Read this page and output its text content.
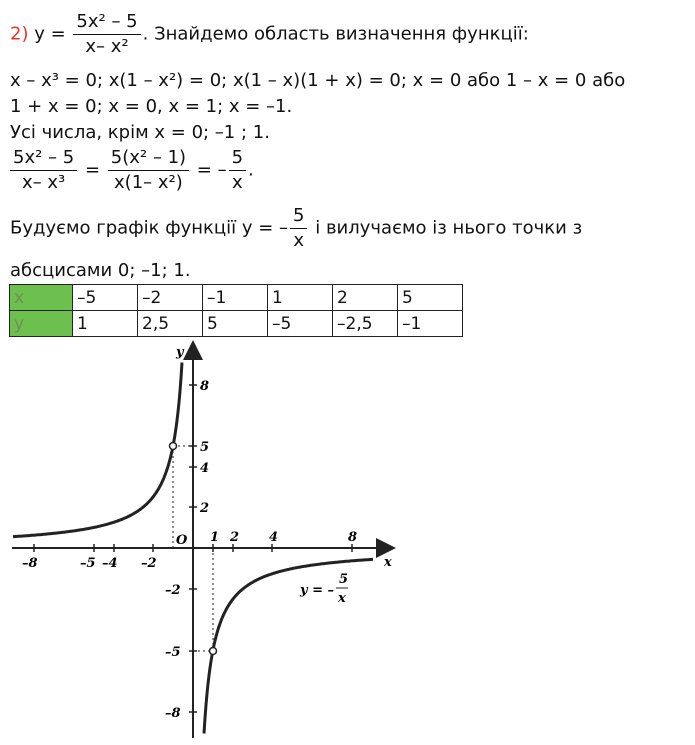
2) $y = \frac{\text{5x² – 5}}{\text{x– x²}}$ . Знайдемо область визначення функції:
x – x³ = 0; x(1 – x²) = 0; x(1 – x)(1 + x) = 0; x = 0 або 1 – x = 0 або
1 + x = 0; x = 0, x = 1; x = –1.
Усі числа, крім x = 0; –1 ; 1.
$\frac{\text{5x² – 5}}{\text{x– x³}} = \frac{\text{5(x² – 1)}}{\text{x(1– x²)}}$ = – $\frac{5}{x}$ .
Будуємо графік функції y = – $\frac{5}{x}$ і вилучаємо із нього точки з
абсцисами 0; –1; 1.
x	–5	–2	–1	1	2	5
y	1	2,5	5	–5	–2,5	–1
x
y
O
–8	–5 –4 –2
1 2 4	8
8
5
4
2
–2
–5
–8
y = –
5
x
